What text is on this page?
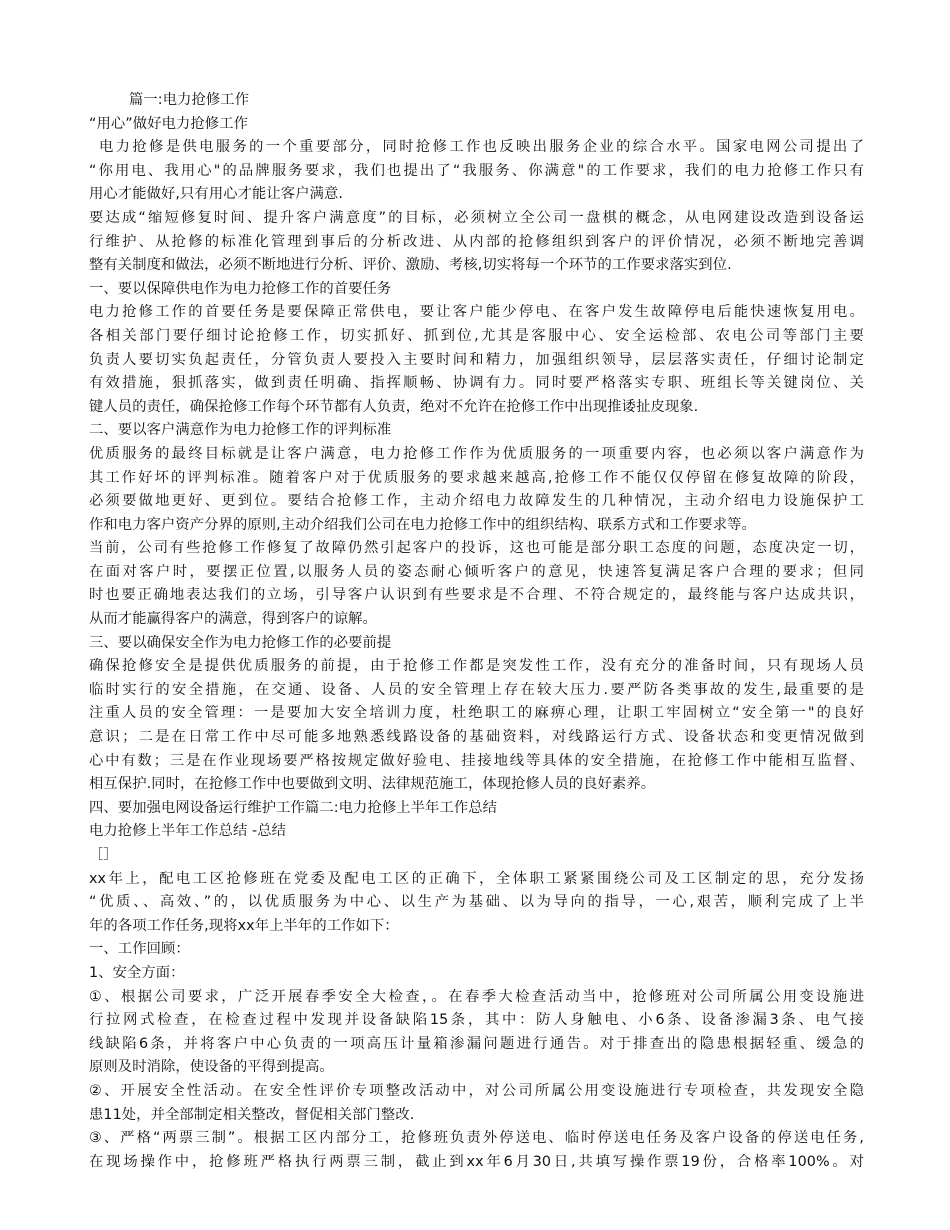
篇一:电力抢修工作
“用心”做好电力抢修工作
电力抢修是供电服务的一个重要部分，同时抢修工作也反映出服务企业的综合水平。国家电网公司提出了
“你用电、我用心"的品牌服务要求，我们也提出了“我服务、你满意"的工作要求，我们的电力抢修工作只有
用心才能做好,只有用心才能让客户满意.
要达成“缩短修复时间、提升客户满意度”的目标，必须树立全公司一盘棋的概念，从电网建设改造到设备运
行维护、从抢修的标准化管理到事后的分析改进、从内部的抢修组织到客户的评价情况，必须不断地完善调
整有关制度和做法，必须不断地进行分析、评价、激励、考核,切实将每一个环节的工作要求落实到位.
一、要以保障供电作为电力抢修工作的首要任务
电力抢修工作的首要任务是要保障正常供电，要让客户能少停电、在客户发生故障停电后能快速恢复用电。
各相关部门要仔细讨论抢修工作，切实抓好、抓到位,尤其是客服中心、安全运检部、农电公司等部门主要
负责人要切实负起责任，分管负责人要投入主要时间和精力，加强组织领导，层层落实责任，仔细讨论制定
有效措施，狠抓落实，做到责任明确、指挥顺畅、协调有力。同时要严格落实专职、班组长等关键岗位、关
键人员的责任，确保抢修工作每个环节都有人负责，绝对不允许在抢修工作中出现推诿扯皮现象.
二、要以客户满意作为电力抢修工作的评判标准
优质服务的最终目标就是让客户满意，电力抢修工作作为优质服务的一项重要内容，也必须以客户满意作为
其工作好坏的评判标准。随着客户对于优质服务的要求越来越高,抢修工作不能仅仅停留在修复故障的阶段，
必须要做地更好、更到位。要结合抢修工作，主动介绍电力故障发生的几种情况，主动介绍电力设施保护工
作和电力客户资产分界的原则,主动介绍我们公司在电力抢修工作中的组织结构、联系方式和工作要求等。
当前，公司有些抢修工作修复了故障仍然引起客户的投诉，这也可能是部分职工态度的问题，态度决定一切，
在面对客户时，要摆正位置,以服务人员的姿态耐心倾听客户的意见，快速答复满足客户合理的要求；但同
时也要正确地表达我们的立场，引导客户认识到有些要求是不合理、不符合规定的，最终能与客户达成共识，
从而才能赢得客户的满意，得到客户的谅解。
三、要以确保安全作为电力抢修工作的必要前提
确保抢修安全是提供优质服务的前提，由于抢修工作都是突发性工作，没有充分的准备时间，只有现场人员
临时实行的安全措施，在交通、设备、人员的安全管理上存在较大压力.要严防各类事故的发生,最重要的是
注重人员的安全管理：一是要加大安全培训力度，杜绝职工的麻痹心理，让职工牢固树立“安全第一"的良好
意识；二是在日常工作中尽可能多地熟悉线路设备的基础资料，对线路运行方式、设备状态和变更情况做到
心中有数；三是在作业现场要严格按规定做好验电、挂接地线等具体的安全措施，在抢修工作中能相互监督、
相互保护.同时，在抢修工作中也要做到文明、法律规范施工，体现抢修人员的良好素养。
四、要加强电网设备运行维护工作篇二:电力抢修上半年工作总结
电力抢修上半年工作总结 -总结
［］
xx年上，配电工区抢修班在党委及配电工区的正确下，全体职工紧紧围绕公司及工区制定的思，充分发扬
“优质、、高效、”的，以优质服务为中心、以生产为基础、以为导向的指导，一心,艰苦，顺利完成了上半
年的各项工作任务,现将xx年上半年的工作如下：
一、工作回顾：
1、安全方面：
①、根据公司要求，广泛开展春季安全大检查，。在春季大检查活动当中，抢修班对公司所属公用变设施进
行拉网式检查，在检查过程中发现并设备缺陷15条，其中：防人身触电、小6条、设备渗漏3条、电气接
线缺陷6条，并将客户中心负责的一项高压计量箱渗漏问题进行通告。对于排查出的隐患根据轻重、缓急的
原则及时消除，使设备的平得到提高。
②、开展安全性活动。在安全性评价专项整改活动中，对公司所属公用变设施进行专项检查，共发现安全隐
患11处，并全部制定相关整改，督促相关部门整改.
③、严格“两票三制”。根据工区内部分工，抢修班负责外停送电、临时停送电任务及客户设备的停送电任务,
在现场操作中，抢修班严格执行两票三制，截止到xx年6月30日,共填写操作票19份，合格率100%。对
